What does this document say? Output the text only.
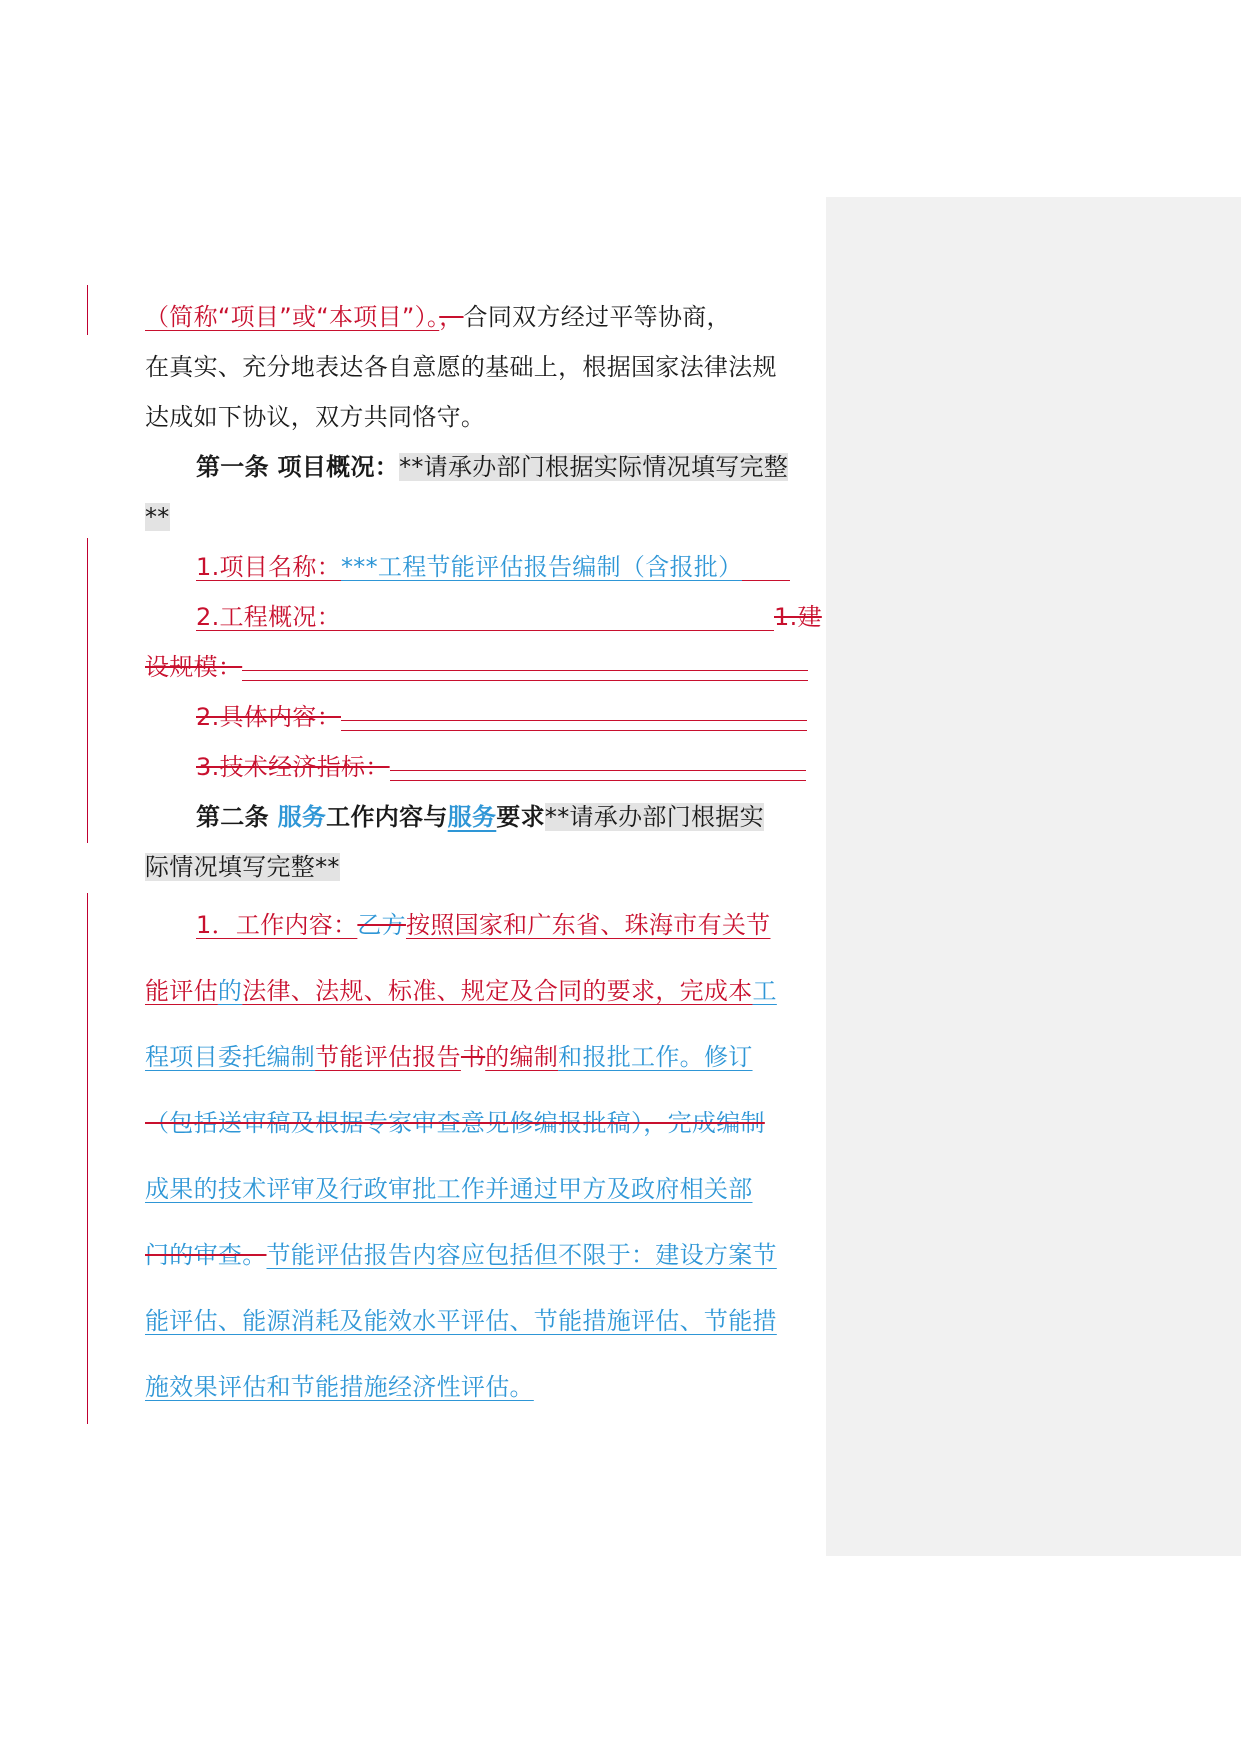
（简称“项目”或“本项目”）。，合同双方经过平等协商，
在真实、充分地表达各自意愿的基础上，根据国家法律法规
达成如下协议，双方共同恪守。
第一条 项目概况：**请承办部门根据实际情况填写完整
**
1.项目名称：***工程节能评估报告编制（含报批）
2.工程概况：	1.建
设规模：
2.具体内容：
3.技术经济指标：
第二条 服务工作内容与服务要求**请承办部门根据实
际情况填写完整**
1．工作内容：乙方按照国家和广东省、珠海市有关节
能评估的法律、法规、标准、规定及合同的要求，完成本工
程项目委托编制节能评估报告书的编制和报批工作。修订
（包括送审稿及根据专家审查意见修编报批稿），完成编制
成果的技术评审及行政审批工作并通过甲方及政府相关部
门的审查。节能评估报告内容应包括但不限于：建设方案节
能评估、能源消耗及能效水平评估、节能措施评估、节能措
施效果评估和节能措施经济性评估。
